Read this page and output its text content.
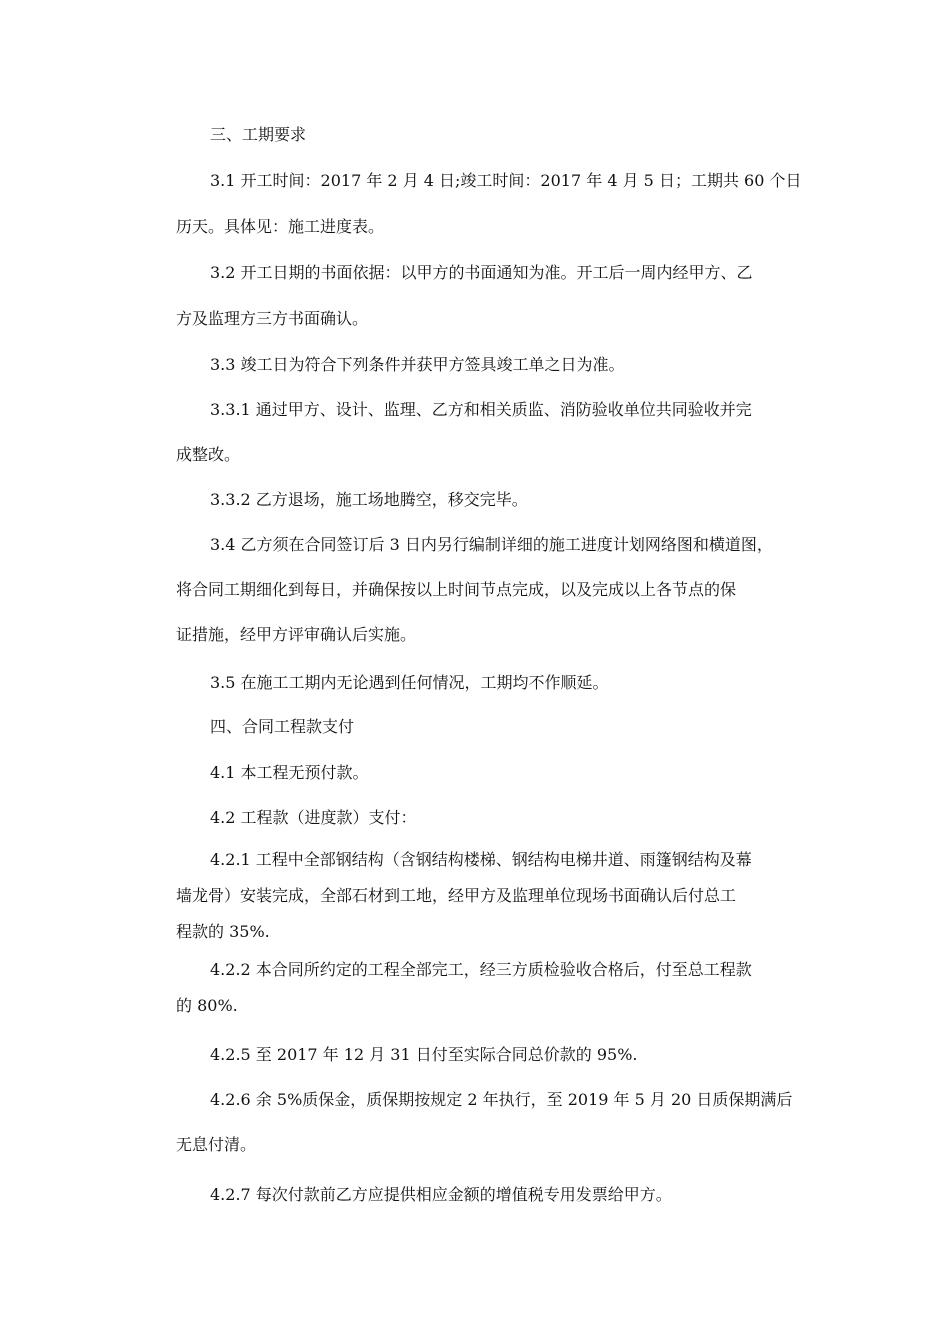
三、工期要求
3.1 开工时间：2017 年 2 月 4 日;竣工时间：2017 年 4 月 5 日；工期共 60 个日
历天。具体见：施工进度表。
3.2 开工日期的书面依据：以甲方的书面通知为准。开工后一周内经甲方、乙
方及监理方三方书面确认。
3.3 竣工日为符合下列条件并获甲方签具竣工单之日为准。
3.3.1 通过甲方、设计、监理、乙方和相关质监、消防验收单位共同验收并完
成整改。
3.3.2 乙方退场，施工场地腾空，移交完毕。
3.4 乙方须在合同签订后 3 日内另行编制详细的施工进度计划网络图和横道图，
将合同工期细化到每日，并确保按以上时间节点完成，以及完成以上各节点的保
证措施，经甲方评审确认后实施。
3.5 在施工工期内无论遇到任何情况，工期均不作顺延。
四、合同工程款支付
4.1 本工程无预付款。
4.2 工程款（进度款）支付：
4.2.1 工程中全部钢结构（含钢结构楼梯、钢结构电梯井道、雨篷钢结构及幕
墙龙骨）安装完成，全部石材到工地，经甲方及监理单位现场书面确认后付总工
程款的 35%.
4.2.2 本合同所约定的工程全部完工，经三方质检验收合格后，付至总工程款
的 80%.
4.2.5 至 2017 年 12 月 31 日付至实际合同总价款的 95%.
4.2.6 余 5%质保金，质保期按规定 2 年执行，至 2019 年 5 月 20 日质保期满后
无息付清。
4.2.7 每次付款前乙方应提供相应金额的增值税专用发票给甲方。
